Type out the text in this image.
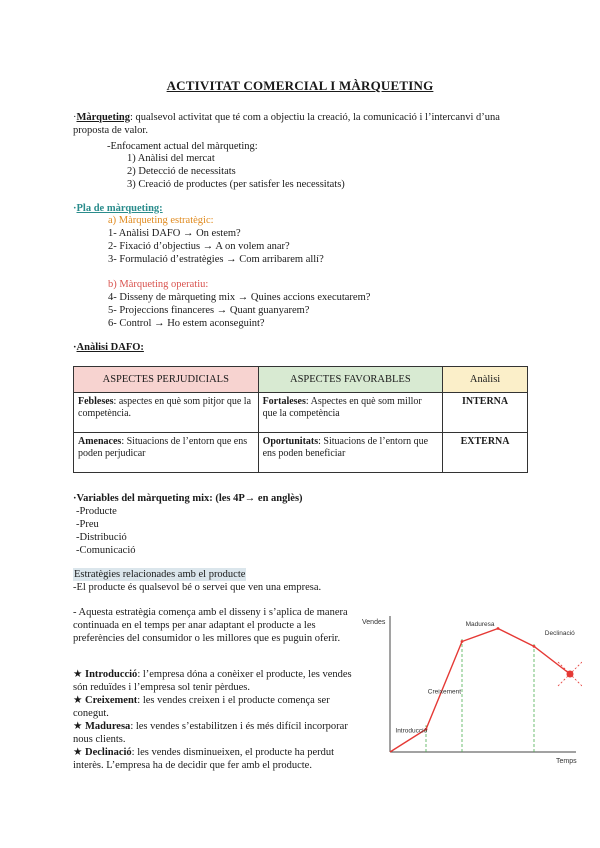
ACTIVITAT COMERCIAL I MÀRQUETING
·Màrqueting: qualsevol activitat que té com a objectiu la creació, la comunicació i l’intercanvi d’una
proposta de valor.
-Enfocament actual del màrqueting:
1) Anàlisi del mercat
2) Detecció de necessitats
3) Creació de productes (per satisfer les necessitats)
·Pla de màrqueting:
a) Màrqueting estratègic:
1- Anàlisi DAFO → On estem?
2- Fixació d’objectius → A on volem anar?
3- Formulació d’estratègies → Com arribarem allí?
b) Màrqueting operatiu:
4- Disseny de màrqueting mix → Quines accions executarem?
5- Projeccions financeres → Quant guanyarem?
6- Control → Ho estem aconseguint?
·Anàlisi DAFO:
ASPECTES PERJUDICIALS	ASPECTES FAVORABLES	Anàlisi
Febleses: aspectes en què som pitjor que la competència.	Fortaleses: Aspectes en què som millor que la competència	INTERNA
Amenaces: Situacions de l’entorn que ens poden perjudicar	Oportunitats: Situacions de l’entorn que ens poden beneficiar	EXTERNA
·Variables del màrqueting mix: (les 4P→ en anglès)
-Producte
-Preu
-Distribució
-Comunicació
Estratègies relacionades amb el producte
-El producte és qualsevol bé o servei que ven una empresa.
- Aquesta estratègia comença amb el disseny i s’aplica de manera continuada en el temps per anar adaptant el producte a les preferències del consumidor o les millores que es puguin oferir.
★ Introducció: l’empresa dóna a conèixer el producte, les vendes són reduïdes i l’empresa sol tenir pèrdues.
★ Creixement: les vendes creixen i el producte comença ser conegut.
★ Maduresa: les vendes s’estabilitzen i és més difícil incorporar nous clients.
★ Declinació: les vendes disminueixen, el producte ha perdut interès. L’empresa ha de decidir que fer amb el producte.
Vendes
Temps
Introducció
Creixement
Maduresa
Declinació
